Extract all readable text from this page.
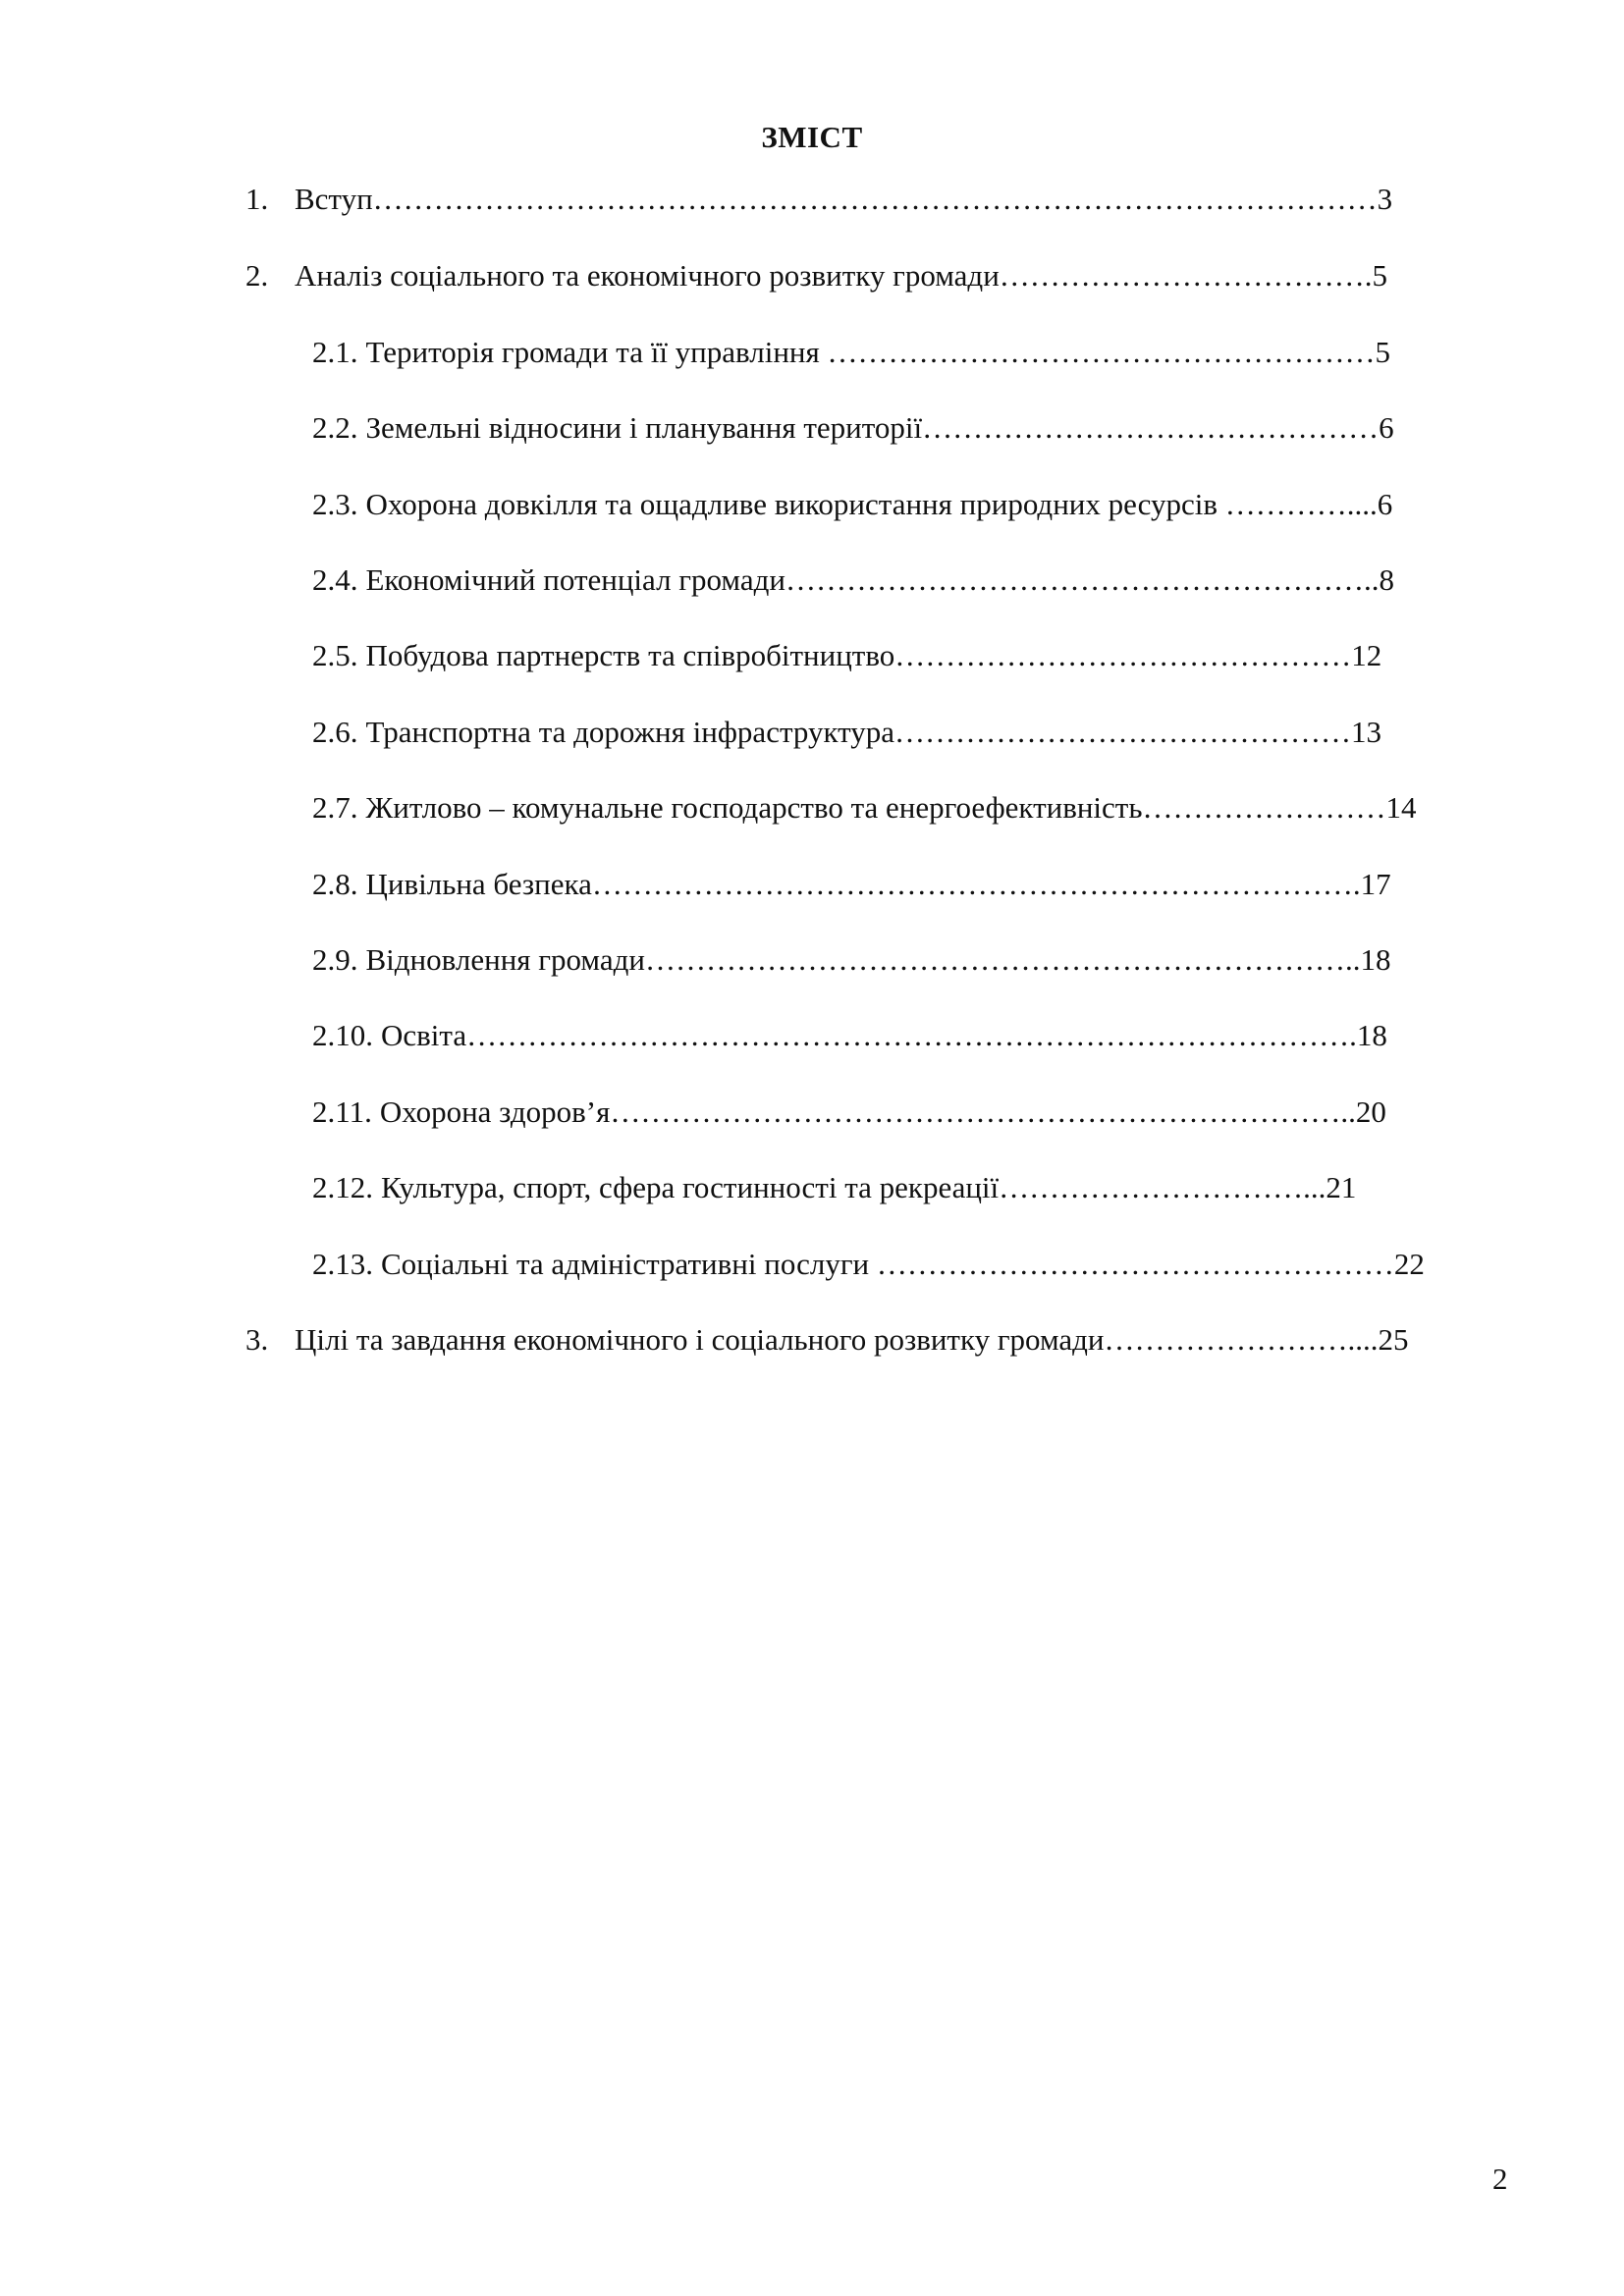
ЗМІСТ
1. Вступ………………………………………………………………………………………3
2. Аналіз соціального та економічного розвитку громади……………………………….5
2.1. Територія громади та її управління ………………………………………………5
2.2. Земельні відносини і планування території………………………………………6
2.3. Охорона довкілля та ощадливе використання природних ресурсів …………....6
2.4. Економічний потенціал громади…………………………………………………..8
2.5. Побудова партнерств та співробітництво………………………………………12
2.6. Транспортна та дорожня інфраструктура………………………………………13
2.7. Житлово – комунальне господарство та енергоефективність……………………14
2.8. Цивільна безпека………………………………………………………………….17
2.9. Відновлення громади……………………………………………………………..18
2.10. Освіта…………………………………………………………………………….18
2.11. Охорона здоров’я………………………………………………………………..20
2.12. Культура, спорт, сфера гостинності та рекреації…………………………...21
2.13. Соціальні та адміністративні послуги ……………………………………………22
3. Цілі та завдання економічного і соціального розвитку громади……………………....25
2
